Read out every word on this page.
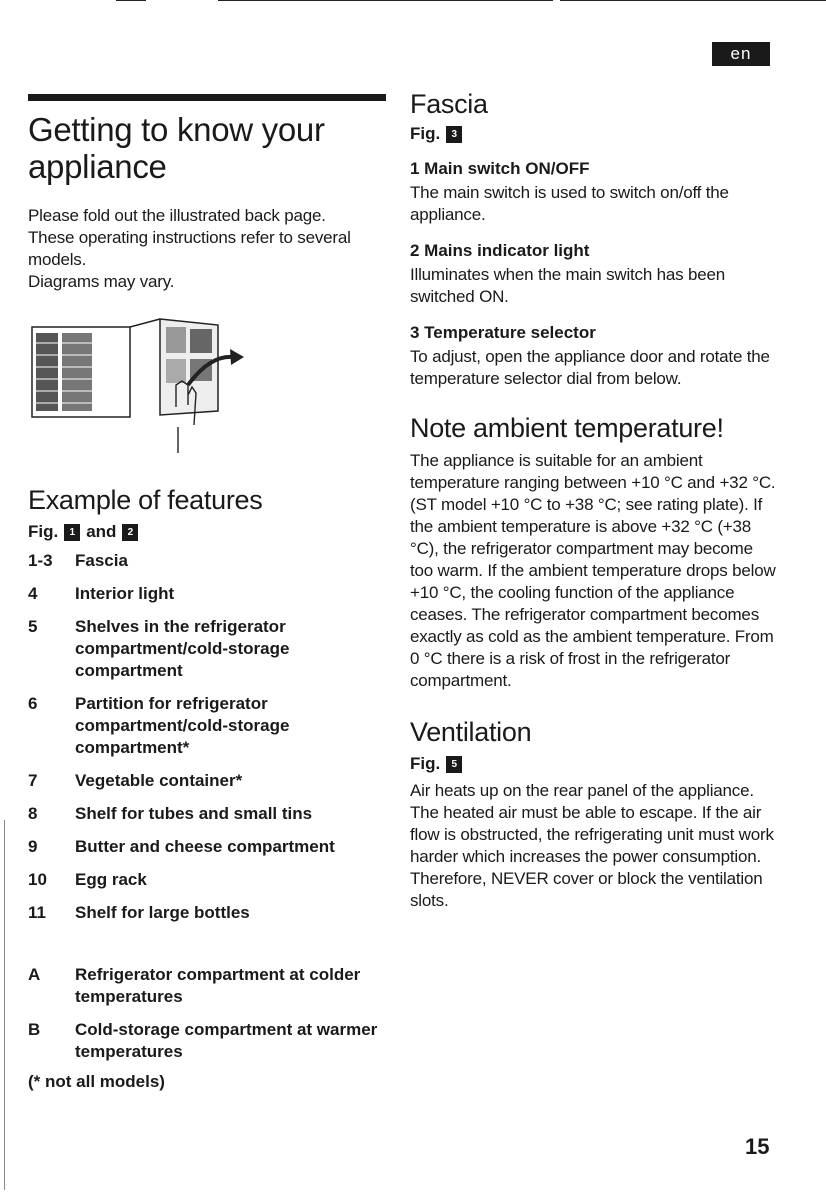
en
Getting to know your appliance

Please fold out the illustrated back page.

These operating instructions refer to several models.

Diagrams may vary.

Example of features
Fig.	1 and	2
1-3	Fascia
4	Interior light
5	Shelves in the refrigerator compartment/cold-storage compartment
6	Partition for refrigerator compartment/cold-storage compartment*
7	Vegetable container*
8	Shelf for tubes and small tins
9	Butter and cheese compartment
10	Egg rack
11	Shelf for large bottles
A	Refrigerator compartment at colder temperatures
B	Cold-storage compartment at warmer temperatures
(* not all models)
Fascia
Fig.	3
1 Main switch ON/OFF

The main switch is used to switch on/off the appliance.

2 Mains indicator light

Illuminates when the main switch has been switched ON.

3 Temperature selector

To adjust, open the appliance door and rotate the temperature selector dial from below.

Note ambient temperature!

The appliance is suitable for an ambient temperature ranging between +10 °C and +32 °C. (ST model +10 °C to +38 °C; see rating plate). If the ambient temperature is above +32 °C (+38 °C), the refrigerator compartment may become too warm. If the ambient temperature drops below +10 °C, the cooling function of the appliance ceases. The refrigerator compartment becomes exactly as cold as the ambient temperature. From 0 °C there is a risk of frost in the refrigerator compartment.

Ventilation
Fig.	5

Air heats up on the rear panel of the appliance. The heated air must be able to escape. If the air flow is obstructed, the refrigerating unit must work harder which increases the power consumption. Therefore, NEVER cover or block the ventilation slots.

15
